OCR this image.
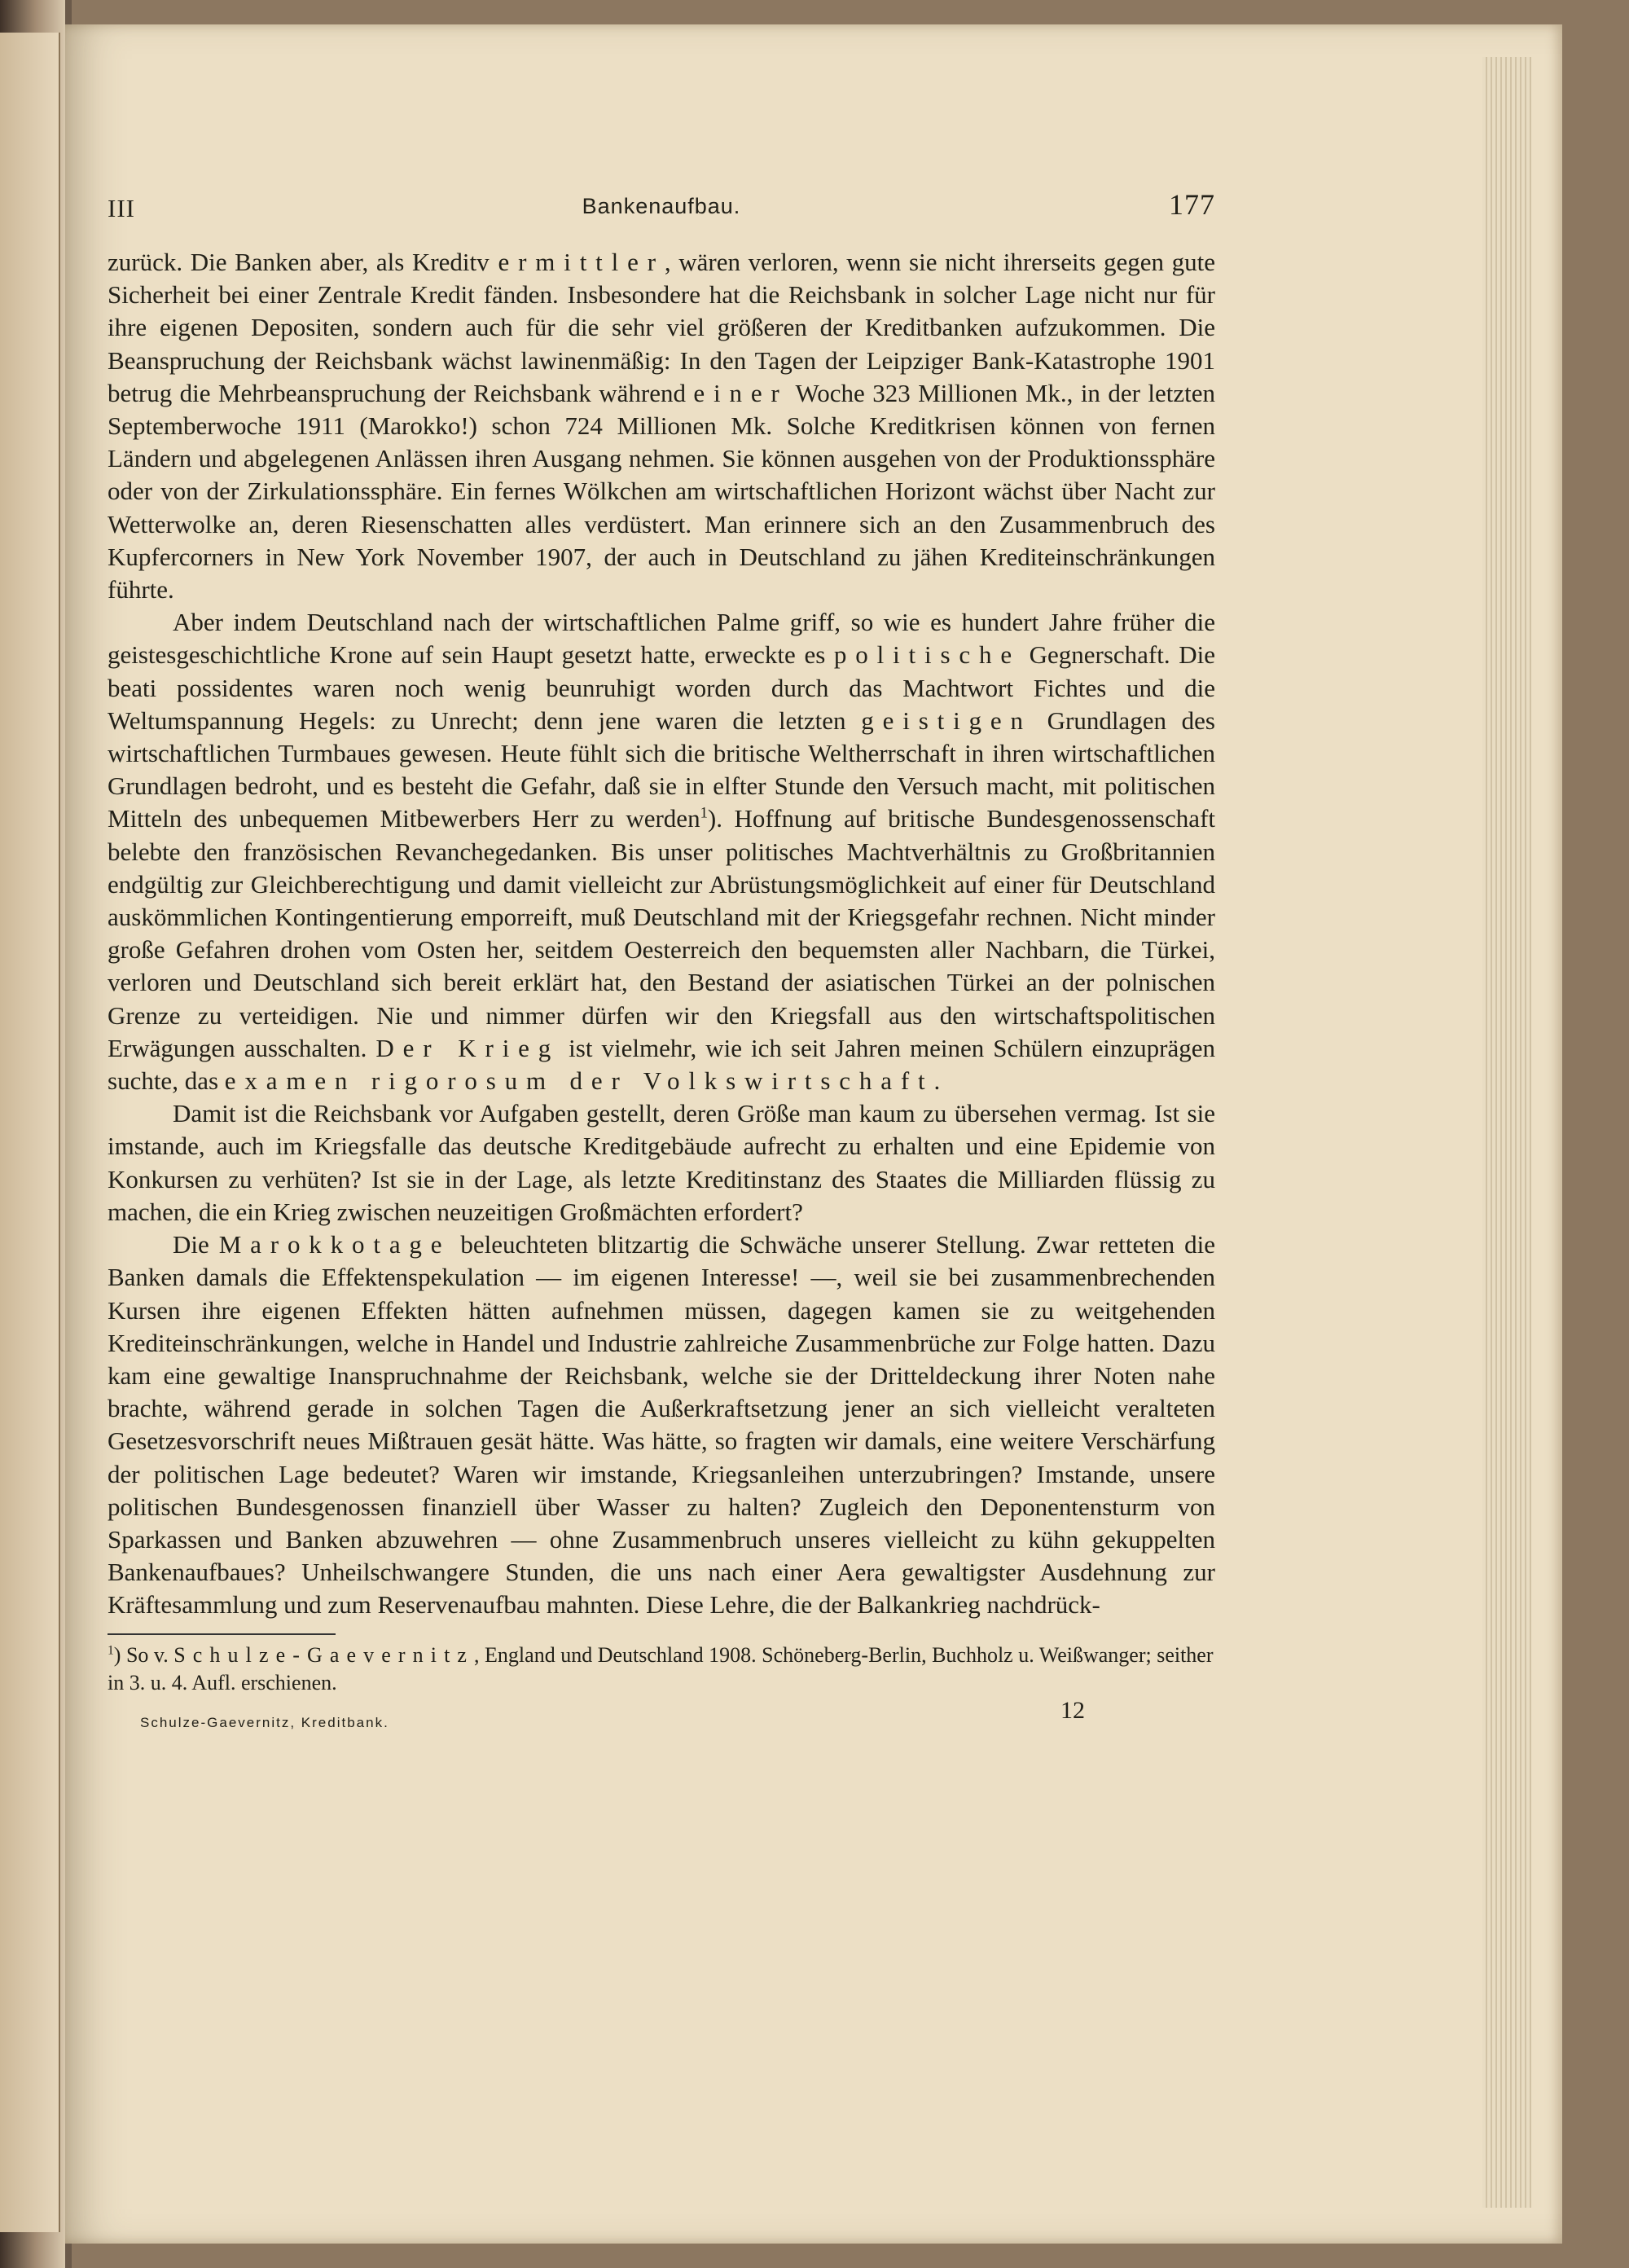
III	Bankenaufbau.	177

zurück. Die Banken aber, als Kreditvermittler, wären verloren, wenn sie nicht ihrerseits gegen gute Sicherheit bei einer Zentrale Kredit fänden. Insbesondere hat die Reichsbank in solcher Lage nicht nur für ihre eigenen Depositen, sondern auch für die sehr viel größeren der Kreditbanken aufzukommen. Die Beanspruchung der Reichsbank wächst lawinenmäßig: In den Tagen der Leipziger Bank-Katastrophe 1901 betrug die Mehrbeanspruchung der Reichsbank während einer Woche 323 Millionen Mk., in der letzten Septemberwoche 1911 (Marokko!) schon 724 Millionen Mk. Solche Kreditkrisen können von fernen Ländern und abgelegenen Anlässen ihren Ausgang nehmen. Sie können ausgehen von der Produktionssphäre oder von der Zirkulationssphäre. Ein fernes Wölkchen am wirtschaftlichen Horizont wächst über Nacht zur Wetterwolke an, deren Riesenschatten alles verdüstert. Man erinnere sich an den Zusammenbruch des Kupfercorners in New York November 1907, der auch in Deutschland zu jähen Krediteinschränkungen führte.

Aber indem Deutschland nach der wirtschaftlichen Palme griff, so wie es hundert Jahre früher die geistesgeschichtliche Krone auf sein Haupt gesetzt hatte, erweckte es politische Gegnerschaft. Die beati possidentes waren noch wenig beunruhigt worden durch das Machtwort Fichtes und die Weltumspannung Hegels: zu Unrecht; denn jene waren die letzten geistigen Grundlagen des wirtschaftlichen Turmbaues gewesen. Heute fühlt sich die britische Weltherrschaft in ihren wirtschaftlichen Grundlagen bedroht, und es besteht die Gefahr, daß sie in elfter Stunde den Versuch macht, mit politischen Mitteln des unbequemen Mitbewerbers Herr zu werden$^1$). Hoffnung auf britische Bundesgenossenschaft belebte den französischen Revanchegedanken. Bis unser politisches Machtverhältnis zu Großbritannien endgültig zur Gleichberechtigung und damit vielleicht zur Abrüstungsmöglichkeit auf einer für Deutschland auskömmlichen Kontingentierung emporreift, muß Deutschland mit der Kriegsgefahr rechnen. Nicht minder große Gefahren drohen vom Osten her, seitdem Oesterreich den bequemsten aller Nachbarn, die Türkei, verloren und Deutschland sich bereit erklärt hat, den Bestand der asiatischen Türkei an der polnischen Grenze zu verteidigen. Nie und nimmer dürfen wir den Kriegsfall aus den wirtschaftspolitischen Erwägungen ausschalten. Der Krieg ist vielmehr, wie ich seit Jahren meinen Schülern einzuprägen suchte, das examen rigorosum der Volkswirtschaft.

Damit ist die Reichsbank vor Aufgaben gestellt, deren Größe man kaum zu übersehen vermag. Ist sie imstande, auch im Kriegsfalle das deutsche Kreditgebäude aufrecht zu erhalten und eine Epidemie von Konkursen zu verhüten? Ist sie in der Lage, als letzte Kreditinstanz des Staates die Milliarden flüssig zu machen, die ein Krieg zwischen neuzeitigen Großmächten erfordert?

Die Marokkotage beleuchteten blitzartig die Schwäche unserer Stellung. Zwar retteten die Banken damals die Effektenspekulation — im eigenen Interesse! —, weil sie bei zusammenbrechenden Kursen ihre eigenen Effekten hätten aufnehmen müssen, dagegen kamen sie zu weitgehenden Krediteinschränkungen, welche in Handel und Industrie zahlreiche Zusammenbrüche zur Folge hatten. Dazu kam eine gewaltige Inanspruchnahme der Reichsbank, welche sie der Dritteldeckung ihrer Noten nahe brachte, während gerade in solchen Tagen die Außerkraftsetzung jener an sich vielleicht veralteten Gesetzesvorschrift neues Mißtrauen gesät hätte. Was hätte, so fragten wir damals, eine weitere Verschärfung der politischen Lage bedeutet? Waren wir imstande, Kriegsanleihen unterzubringen? Imstande, unsere politischen Bundesgenossen finanziell über Wasser zu halten? Zugleich den Deponentensturm von Sparkassen und Banken abzuwehren — ohne Zusammenbruch unseres vielleicht zu kühn gekuppelten Bankenaufbaues? Unheilschwangere Stunden, die uns nach einer Aera gewaltigster Ausdehnung zur Kräftesammlung und zum Reservenaufbau mahnten. Diese Lehre, die der Balkankrieg nachdrück-

$^1$) So v. Schulze-Gaevernitz, England und Deutschland 1908. Schöneberg-Berlin, Buchholz u. Weißwanger; seither in 3. u. 4. Aufl. erschienen.
Schulze-Gaevernitz, Kreditbank.	12
